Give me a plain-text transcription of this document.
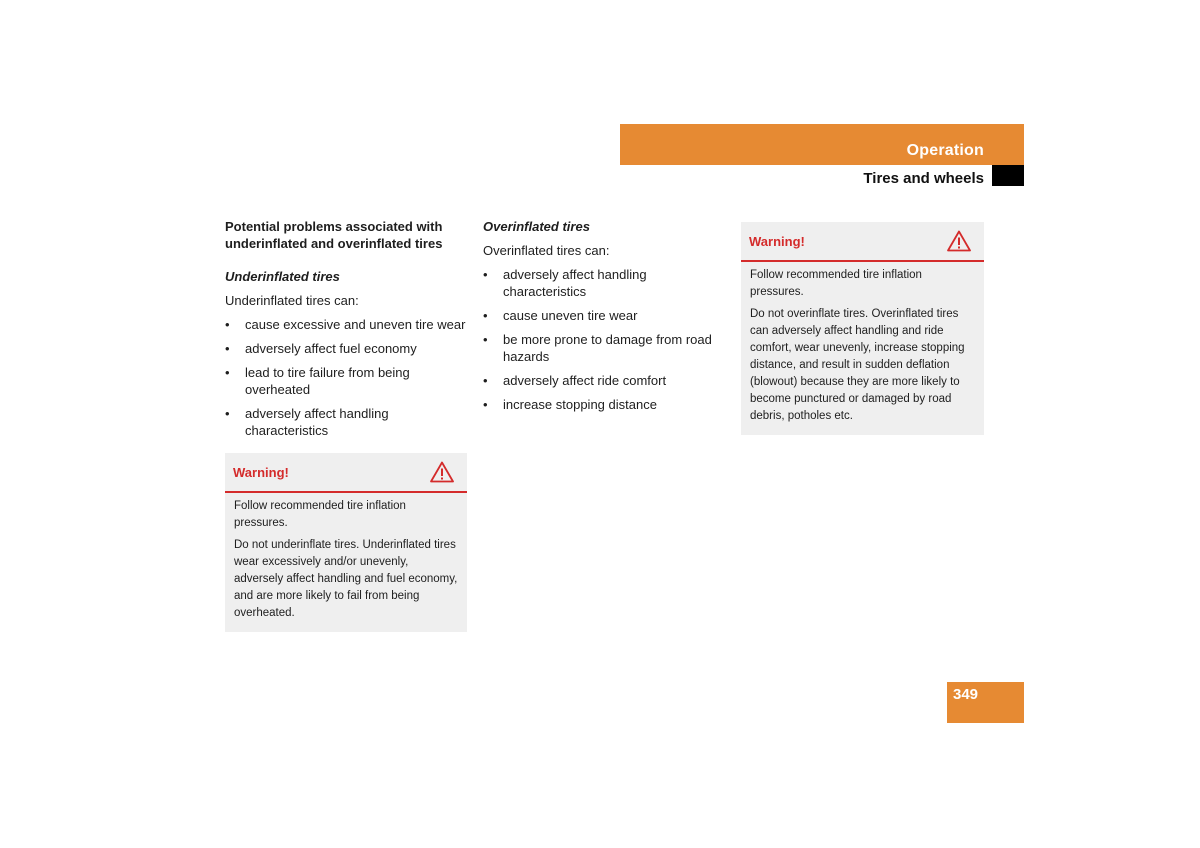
Operation
Tires and wheels
Potential problems associated with underinflated and overinflated tires
Underinflated tires
Underinflated tires can:
• cause excessive and uneven tire wear
• adversely affect fuel economy
• lead to tire failure from being overheated
• adversely affect handling characteristics
Warning!

Follow recommended tire inflation pressures.

Do not underinflate tires. Underinflated tires wear excessively and/or unevenly, adversely affect handling and fuel economy, and are more likely to fail from being overheated.

Overinflated tires
Overinflated tires can:
• adversely affect handling characteristics
• cause uneven tire wear
• be more prone to damage from road hazards
• adversely affect ride comfort
• increase stopping distance
Warning!

Follow recommended tire inflation pressures.

Do not overinflate tires. Overinflated tires can adversely affect handling and ride comfort, wear unevenly, increase stopping distance, and result in sudden deflation (blowout) because they are more likely to become punctured or damaged by road debris, potholes etc.

349
